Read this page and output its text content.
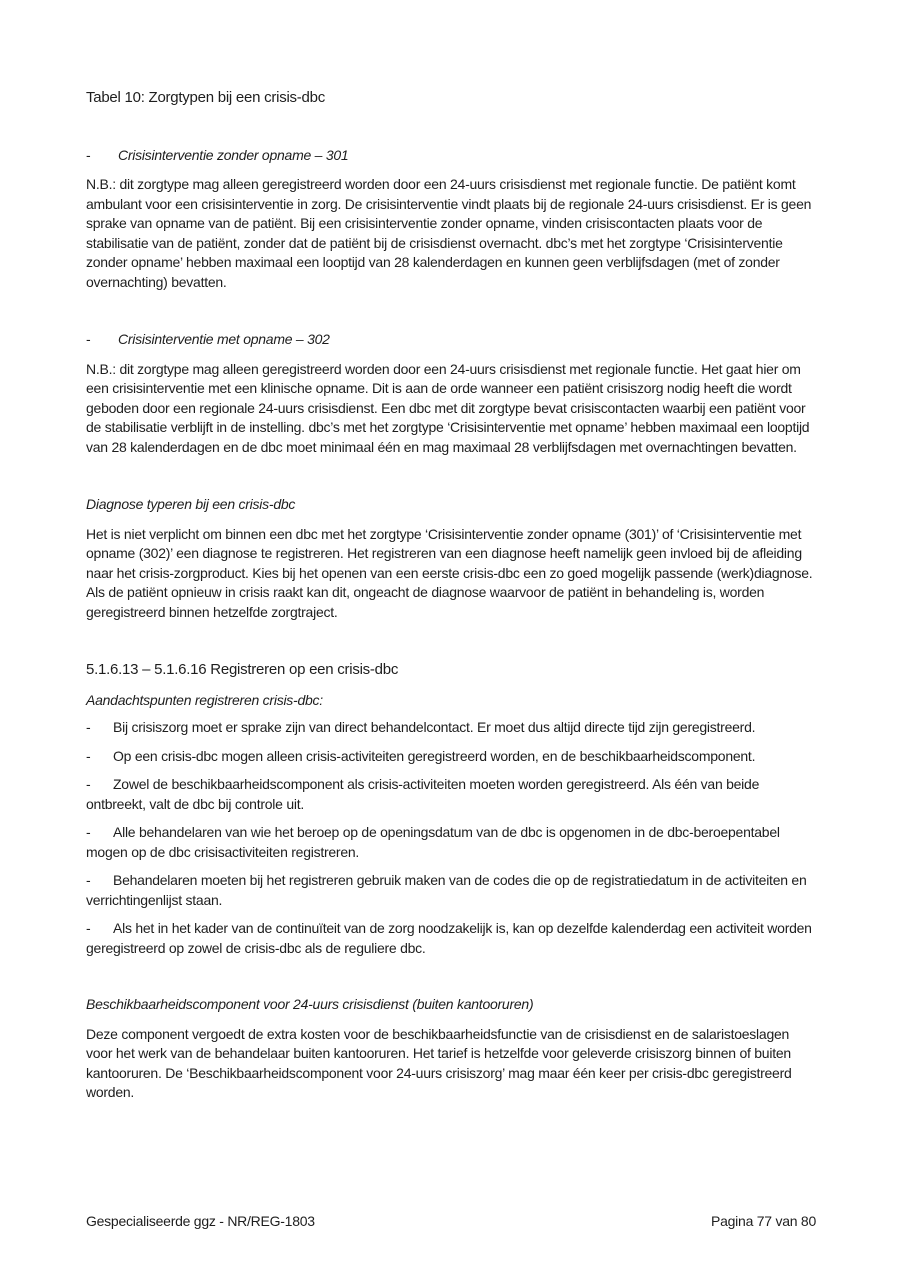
Tabel 10: Zorgtypen bij een crisis-dbc

- Crisisinterventie zonder opname – 301

N.B.: dit zorgtype mag alleen geregistreerd worden door een 24-uurs crisisdienst met regionale functie. De patiënt komt ambulant voor een crisisinterventie in zorg. De crisisinterventie vindt plaats bij de regionale 24-uurs crisisdienst. Er is geen sprake van opname van de patiënt. Bij een crisisinterventie zonder opname, vinden crisiscontacten plaats voor de stabilisatie van de patiënt, zonder dat de patiënt bij de crisisdienst overnacht. dbc’s met het zorgtype ‘Crisisinterventie zonder opname’ hebben maximaal een looptijd van 28 kalenderdagen en kunnen geen verblijfsdagen (met of zonder overnachting) bevatten.

- Crisisinterventie met opname – 302

N.B.: dit zorgtype mag alleen geregistreerd worden door een 24-uurs crisisdienst met regionale functie. Het gaat hier om een crisisinterventie met een klinische opname. Dit is aan de orde wanneer een patiënt crisiszorg nodig heeft die wordt geboden door een regionale 24-uurs crisisdienst. Een dbc met dit zorgtype bevat crisiscontacten waarbij een patiënt voor de stabilisatie verblijft in de instelling. dbc’s met het zorgtype ‘Crisisinterventie met opname’ hebben maximaal een looptijd van 28 kalenderdagen en de dbc moet minimaal één en mag maximaal 28 verblijfsdagen met overnachtingen bevatten.

Diagnose typeren bij een crisis-dbc

Het is niet verplicht om binnen een dbc met het zorgtype ‘Crisisinterventie zonder opname (301)’ of ‘Crisisinterventie met opname (302)’ een diagnose te registreren. Het registreren van een diagnose heeft namelijk geen invloed bij de afleiding naar het crisis-zorgproduct. Kies bij het openen van een eerste crisis-dbc een zo goed mogelijk passende (werk)diagnose. Als de patiënt opnieuw in crisis raakt kan dit, ongeacht de diagnose waarvoor de patiënt in behandeling is, worden geregistreerd binnen hetzelfde zorgtraject.

5.1.6.13 – 5.1.6.16 Registreren op een crisis-dbc

Aandachtspunten registreren crisis-dbc:

- Bij crisiszorg moet er sprake zijn van direct behandelcontact. Er moet dus altijd directe tijd zijn geregistreerd.
- Op een crisis-dbc mogen alleen crisis-activiteiten geregistreerd worden, en de beschikbaarheidscomponent.
- Zowel de beschikbaarheidscomponent als crisis-activiteiten moeten worden geregistreerd. Als één van beide ontbreekt, valt de dbc bij controle uit.
- Alle behandelaren van wie het beroep op de openingsdatum van de dbc is opgenomen in de dbc-beroepentabel mogen op de dbc crisisactiviteiten registreren.
- Behandelaren moeten bij het registreren gebruik maken van de codes die op de registratiedatum in de activiteiten en verrichtingenlijst staan.
- Als het in het kader van de continuïteit van de zorg noodzakelijk is, kan op dezelfde kalenderdag een activiteit worden geregistreerd op zowel de crisis-dbc als de reguliere dbc.

Beschikbaarheidscomponent voor 24-uurs crisisdienst (buiten kantooruren)

Deze component vergoedt de extra kosten voor de beschikbaarheidsfunctie van de crisisdienst en de salaristoeslagen voor het werk van de behandelaar buiten kantooruren. Het tarief is hetzelfde voor geleverde crisiszorg binnen of buiten kantooruren. De ‘Beschikbaarheidscomponent voor 24-uurs crisiszorg’ mag maar één keer per crisis-dbc geregistreerd worden.

Gespecialiseerde ggz - NR/REG-1803	Pagina 77 van 80
